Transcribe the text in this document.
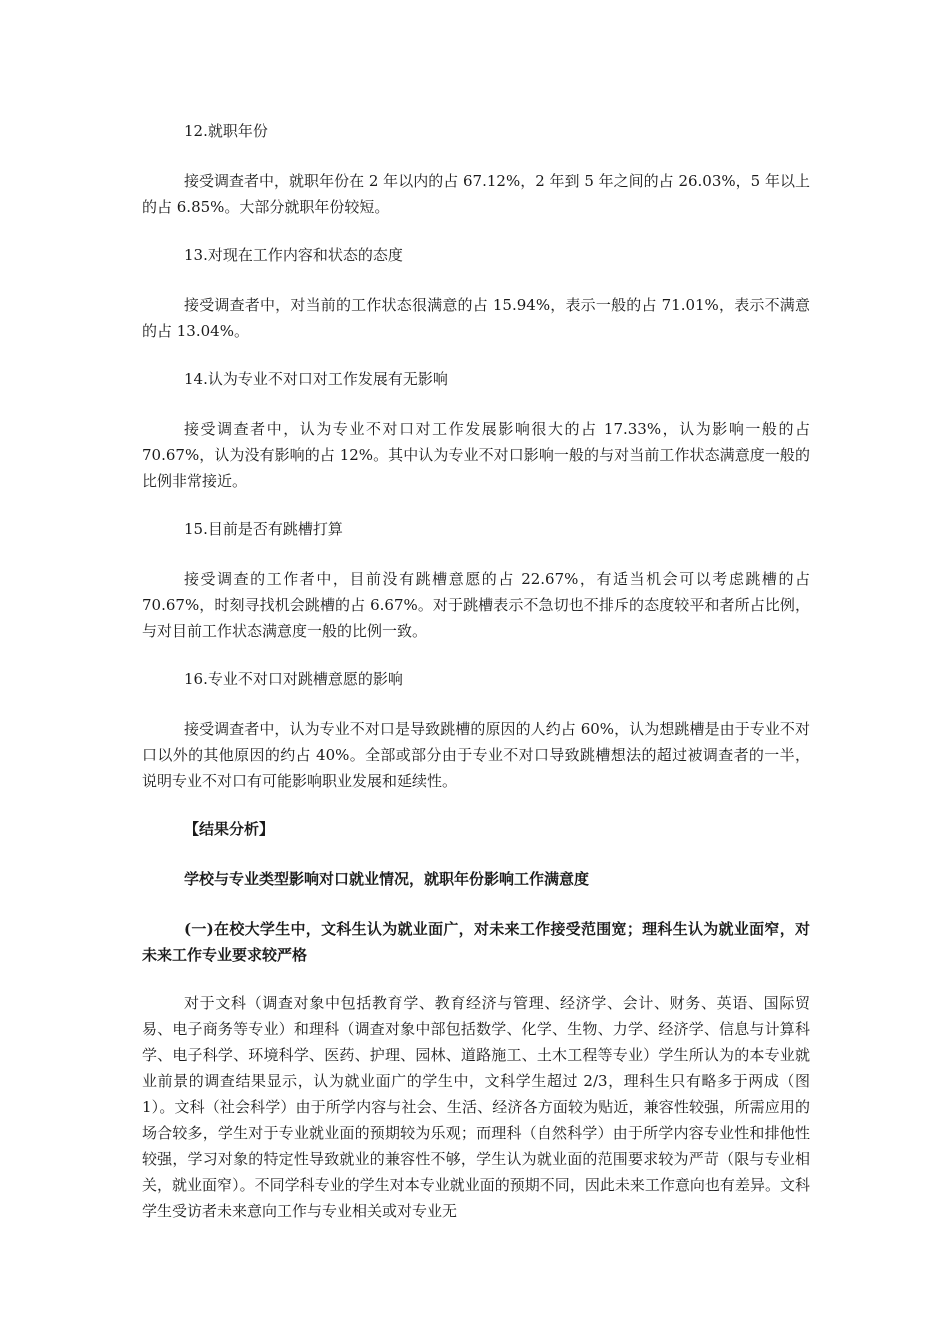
12.就职年份

接受调查者中，就职年份在 2 年以内的占 67.12%，2 年到 5 年之间的占 26.03%，5 年以上的占 6.85%。大部分就职年份较短。

13.对现在工作内容和状态的态度

接受调查者中，对当前的工作状态很满意的占 15.94%，表示一般的占 71.01%，表示不满意的占 13.04%。

14.认为专业不对口对工作发展有无影响

接受调查者中，认为专业不对口对工作发展影响很大的占 17.33%，认为影响一般的占 70.67%，认为没有影响的占 12%。其中认为专业不对口影响一般的与对当前工作状态满意度一般的比例非常接近。

15.目前是否有跳槽打算

接受调查的工作者中，目前没有跳槽意愿的占 22.67%，有适当机会可以考虑跳槽的占 70.67%，时刻寻找机会跳槽的占 6.67%。对于跳槽表示不急切也不排斥的态度较平和者所占比例，与对目前工作状态满意度一般的比例一致。

16.专业不对口对跳槽意愿的影响

接受调查者中，认为专业不对口是导致跳槽的原因的人约占 60%，认为想跳槽是由于专业不对口以外的其他原因的约占 40%。全部或部分由于专业不对口导致跳槽想法的超过被调查者的一半，说明专业不对口有可能影响职业发展和延续性。

【结果分析】

学校与专业类型影响对口就业情况，就职年份影响工作满意度

(一)在校大学生中，文科生认为就业面广，对未来工作接受范围宽；理科生认为就业面窄，对未来工作专业要求较严格

对于文科（调查对象中包括教育学、教育经济与管理、经济学、会计、财务、英语、国际贸易、电子商务等专业）和理科（调查对象中部包括数学、化学、生物、力学、经济学、信息与计算科学、电子科学、环境科学、医药、护理、园林、道路施工、土木工程等专业）学生所认为的本专业就业前景的调查结果显示，认为就业面广的学生中，文科学生超过 2/3，理科生只有略多于两成（图 1）。文科（社会科学）由于所学内容与社会、生活、经济各方面较为贴近，兼容性较强，所需应用的场合较多，学生对于专业就业面的预期较为乐观；而理科（自然科学）由于所学内容专业性和排他性较强，学习对象的特定性导致就业的兼容性不够，学生认为就业面的范围要求较为严苛（限与专业相关，就业面窄）。不同学科专业的学生对本专业就业面的预期不同，因此未来工作意向也有差异。文科学生受访者未来意向工作与专业相关或对专业无
